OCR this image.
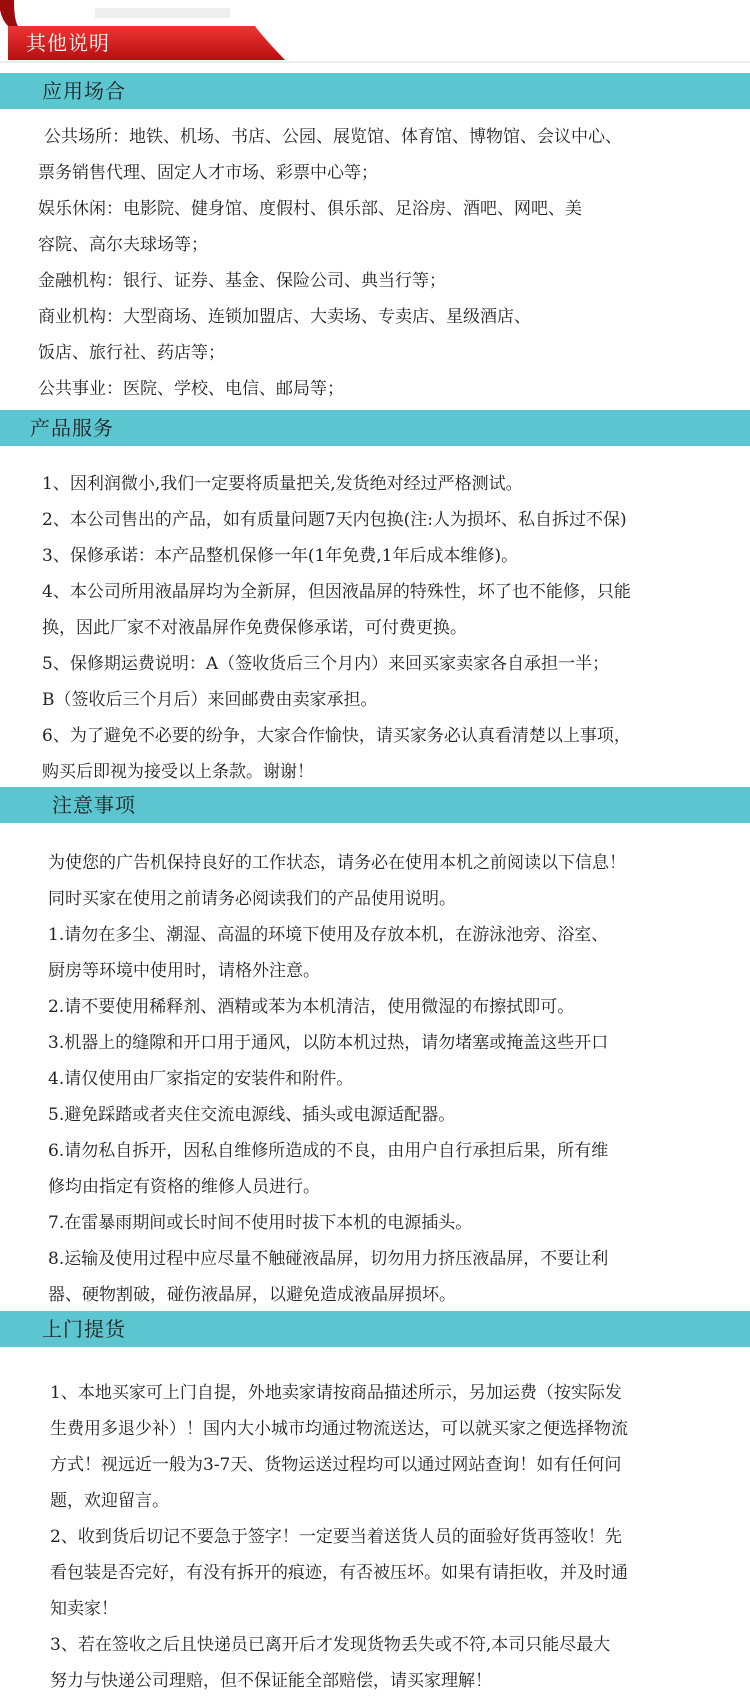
其他说明
应用场合
公共场所：地铁、机场、书店、公园、展览馆、体育馆、博物馆、会议中心、
票务销售代理、固定人才市场、彩票中心等；
娱乐休闲：电影院、健身馆、度假村、俱乐部、足浴房、酒吧、网吧、美
容院、高尔夫球场等；
金融机构：银行、证券、基金、保险公司、典当行等；
商业机构：大型商场、连锁加盟店、大卖场、专卖店、星级酒店、
饭店、旅行社、药店等；
公共事业：医院、学校、电信、邮局等；
产品服务
1、因利润微小,我们一定要将质量把关,发货绝对经过严格测试。
2、本公司售出的产品，如有质量问题7天内包换(注:人为损坏、私自拆过不保)
3、保修承诺：本产品整机保修一年(1年免费,1年后成本维修)。
4、本公司所用液晶屏均为全新屏，但因液晶屏的特殊性，坏了也不能修，只能
换，因此厂家不对液晶屏作免费保修承诺，可付费更换。
5、保修期运费说明：A（签收货后三个月内）来回买家卖家各自承担一半；
B（签收后三个月后）来回邮费由卖家承担。
6、为了避免不必要的纷争，大家合作愉快，请买家务必认真看清楚以上事项，
购买后即视为接受以上条款。谢谢！
注意事项
为使您的广告机保持良好的工作状态，请务必在使用本机之前阅读以下信息！
同时买家在使用之前请务必阅读我们的产品使用说明。
1.请勿在多尘、潮湿、高温的环境下使用及存放本机，在游泳池旁、浴室、
厨房等环境中使用时，请格外注意。
2.请不要使用稀释剂、酒精或苯为本机清洁，使用微湿的布擦拭即可。
3.机器上的缝隙和开口用于通风，以防本机过热，请勿堵塞或掩盖这些开口
4.请仅使用由厂家指定的安装件和附件。
5.避免踩踏或者夹住交流电源线、插头或电源适配器。
6.请勿私自拆开，因私自维修所造成的不良，由用户自行承担后果，所有维
修均由指定有资格的维修人员进行。
7.在雷暴雨期间或长时间不使用时拔下本机的电源插头。
8.运输及使用过程中应尽量不触碰液晶屏，切勿用力挤压液晶屏，不要让利
器、硬物割破，碰伤液晶屏，以避免造成液晶屏损坏。
上门提货
1、本地买家可上门自提，外地卖家请按商品描述所示，另加运费（按实际发
生费用多退少补）！国内大小城市均通过物流送达，可以就买家之便选择物流
方式！视远近一般为3-7天、货物运送过程均可以通过网站查询！如有任何问
题，欢迎留言。
2、收到货后切记不要急于签字！一定要当着送货人员的面验好货再签收！先
看包装是否完好，有没有拆开的痕迹，有否被压坏。如果有请拒收，并及时通
知卖家！
3、若在签收之后且快递员已离开后才发现货物丢失或不符,本司只能尽最大
努力与快递公司理赔，但不保证能全部赔偿，请买家理解！
